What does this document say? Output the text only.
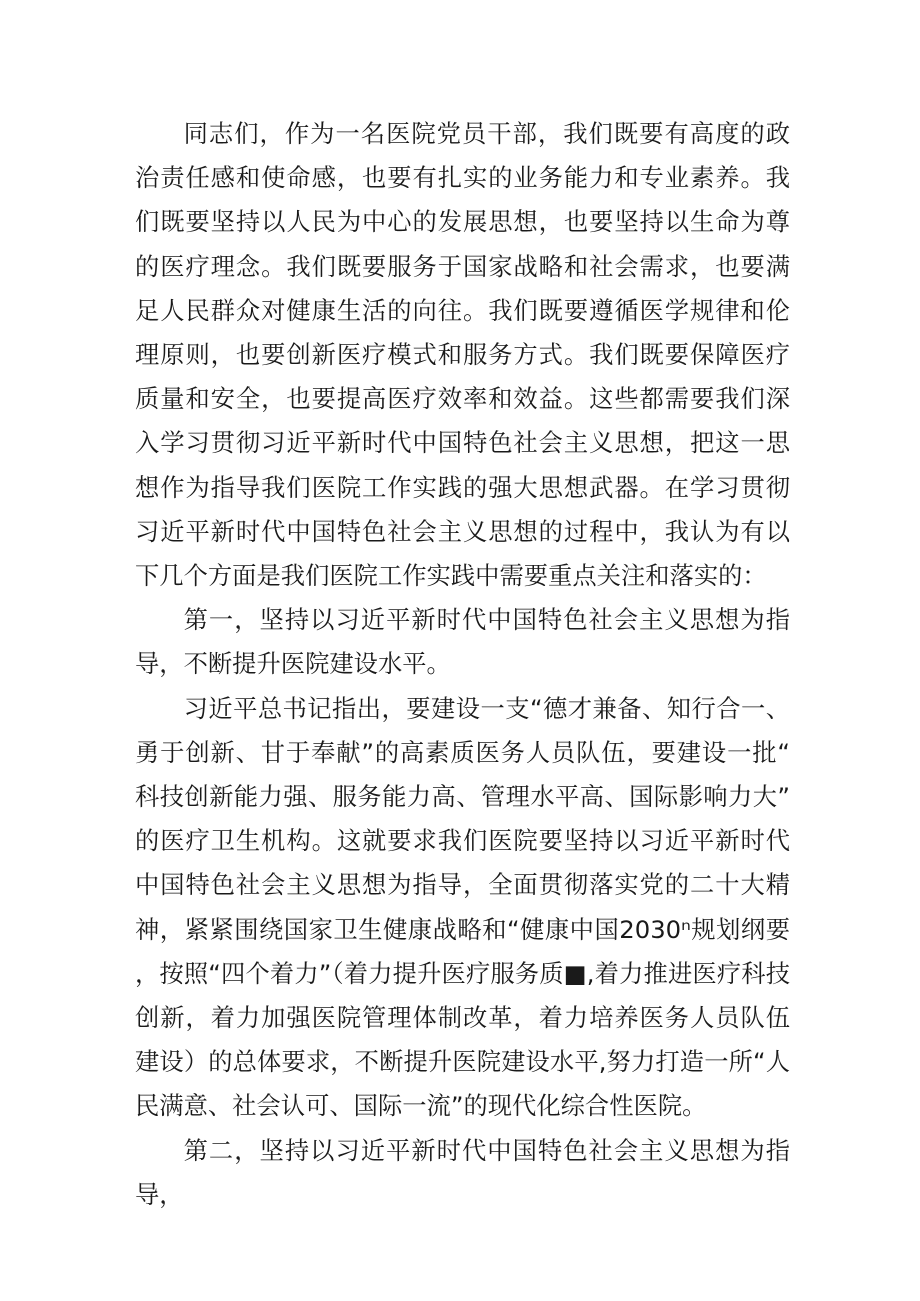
同志们，作为一名医院党员干部，我们既要有高度的政治责任感和使命感，也要有扎实的业务能力和专业素养。我们既要坚持以人民为中心的发展思想，也要坚持以生命为尊的医疗理念。我们既要服务于国家战略和社会需求，也要满足人民群众对健康生活的向往。我们既要遵循医学规律和伦理原则，也要创新医疗模式和服务方式。我们既要保障医疗质量和安全，也要提高医疗效率和效益。这些都需要我们深入学习贯彻习近平新时代中国特色社会主义思想，把这一思想作为指导我们医院工作实践的强大思想武器。在学习贯彻习近平新时代中国特色社会主义思想的过程中，我认为有以下几个方面是我们医院工作实践中需要重点关注和落实的：

第一，坚持以习近平新时代中国特色社会主义思想为指导，不断提升医院建设水平。

习近平总书记指出，要建设一支“德才兼备、知行合一、勇于创新、甘于奉献”的高素质医务人员队伍，要建设一批“科技创新能力强、服务能力高、管理水平高、国际影响力大”的医疗卫生机构。这就要求我们医院要坚持以习近平新时代中国特色社会主义思想为指导，全面贯彻落实党的二十大精神，紧紧围绕国家卫生健康战略和“健康中国2030ⁿ规划纲要，按照“四个着力”（着力提升医疗服务质■,着力推进医疗科技创新，着力加强医院管理体制改革，着力培养医务人员队伍建设）的总体要求，不断提升医院建设水平,努力打造一所“人民满意、社会认可、国际一流”的现代化综合性医院。

第二，坚持以习近平新时代中国特色社会主义思想为指导，
